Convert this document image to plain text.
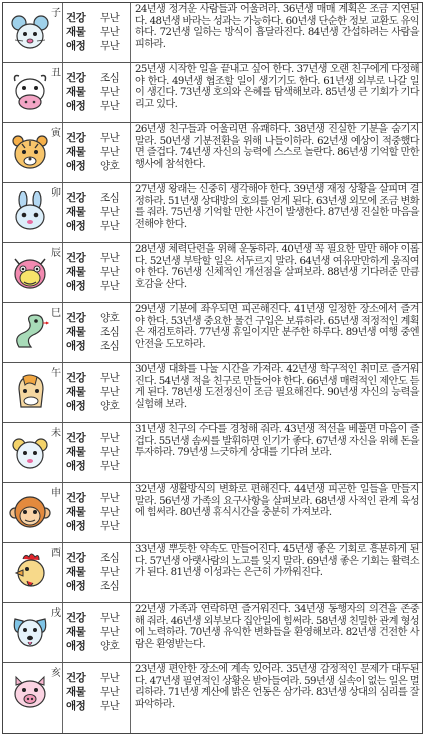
子 건강 무난
재물 무난
애정 무난
24년생 정겨운 사람들과 어울려라. 36년생 매매 계획은 조금 지연된다. 48년생 바라는 성과는 가능하다. 60년생 단순한 정보 교환도 유익하다. 72년생 일하는 방식이 흡달라진다. 84년생 간섭하려는 사람을 피하라.
丑 건강 조심
재물 무난
애정 무난
25년생 시작한 일을 끝내고 싶어 한다. 37년생 오랜 친구에게 다정해야 한다. 49년생 협조할 일이 생기기도 한다. 61년생 외부로 나갈 일이 생긴다. 73년생 호의와 은혜를 탐색해보라. 85년생 큰 기회가 기다리고 있다.
寅 건강 무난
재물 무난
애정 양호
26년생 친구들과 어울리면 유쾌하다. 38년생 진실한 기분을 숨기지 말라. 50년생 기분전환을 위해 나들이하라. 62년생 예상이 적중했다면 즐겁다. 74년생 자신의 능력에 스스로 놀란다. 86년생 기억할 만한 행사에 참석한다.
卯 건강 조심
재물 무난
애정 무난
27년생 왕래는 신중히 생각해야 한다. 39년생 재정 상황을 살피며 결정하라. 51년생 상대방의 호의를 얻게 된다. 63년생 외모에 조금 변화를 줘라. 75년생 기억할 만한 사건이 발생한다. 87년생 진실한 마음을 전해야 한다.
辰 건강 무난
재물 무난
애정 무난
28년생 체력단련을 위해 운동하라. 40년생 꼭 필요한 말만 해야 이롭다. 52년생 부탁할 일은 서두르지 말라. 64년생 여유만만하게 움직여야 한다. 76년생 신체적인 개선점을 살펴보라. 88년생 기다려준 만큼 호감을 산다.
巳 건강 양호
재물 조심
애정 조심
29년생 기분에 좌우되면 피곤해진다. 41년생 일정한 장소에서 즐겨야 한다. 53년생 중요한 물건 구입은 보류하라. 65년생 적정적인 계획은 재검토하라. 77년생 휴일이지만 분주한 하루다. 89년생 여행 중엔 안전을 도모하라.
午 건강 무난
재물 무난
애정 양호
30년생 대화를 나눌 시간을 가져라. 42년생 학구적인 취미로 즐거워진다. 54년생 적을 친구로 만들어야 한다. 66년생 매력적인 제안도 듣게 된다. 78년생 도전정신이 조금 필요해진다. 90년생 자신의 능력을 실험해 보라.
未 건강 무난
재물 무난
애정 무난
31년생 친구의 수다를 경청해 줘라. 43년생 적선을 베풀면 마음이 즐겁다. 55년생 솜씨를 발휘하면 인기가 좋다. 67년생 자신을 위해 돈을 투자하라. 79년생 느긋하게 상대를 기다려 보라.
申 건강 무난
재물 무난
애정 무난
32년생 생활방식의 변화로 편해진다. 44년생 피곤한 일들을 만들지 말라. 56년생 가족의 요구사항을 살펴보라. 68년생 사적인 관계 육성에 힘써라. 80년생 휴식시간을 충분히 가져보라.
酉 건강 조심
재물 무난
애정 조심
33년생 뿌듯한 약속도 만들어진다. 45년생 좋은 기회로 흥분하게 된다. 57년생 아랫사람의 노고를 잊지 말라. 69년생 좋은 기회는 활력소가 된다. 81년생 이성과는 은근히 가까워진다.
戌 건강 무난
재물 무난
애정 양호
22년생 가족과 연락하면 즐거워진다. 34년생 동행자의 의견을 존중해 줘라. 46년생 외부보다 집안일에 힘써라. 58년생 친밀한 관계 형성에 노력하라. 70년생 유익한 변화들을 환영해보라. 82년생 건전한 사람은 환영받는다.
亥 건강 무난
재물 무난
애정 무난
23년생 편안한 장소에 계속 있어라. 35년생 감정적인 문제가 대두된다. 47년생 필연적인 상황은 받아들여라. 59년생 실속이 없는 일은 멀리하라. 71년생 계산에 밝은 언동은 삼가라. 83년생 상대의 심리를 잘 파악하라.
